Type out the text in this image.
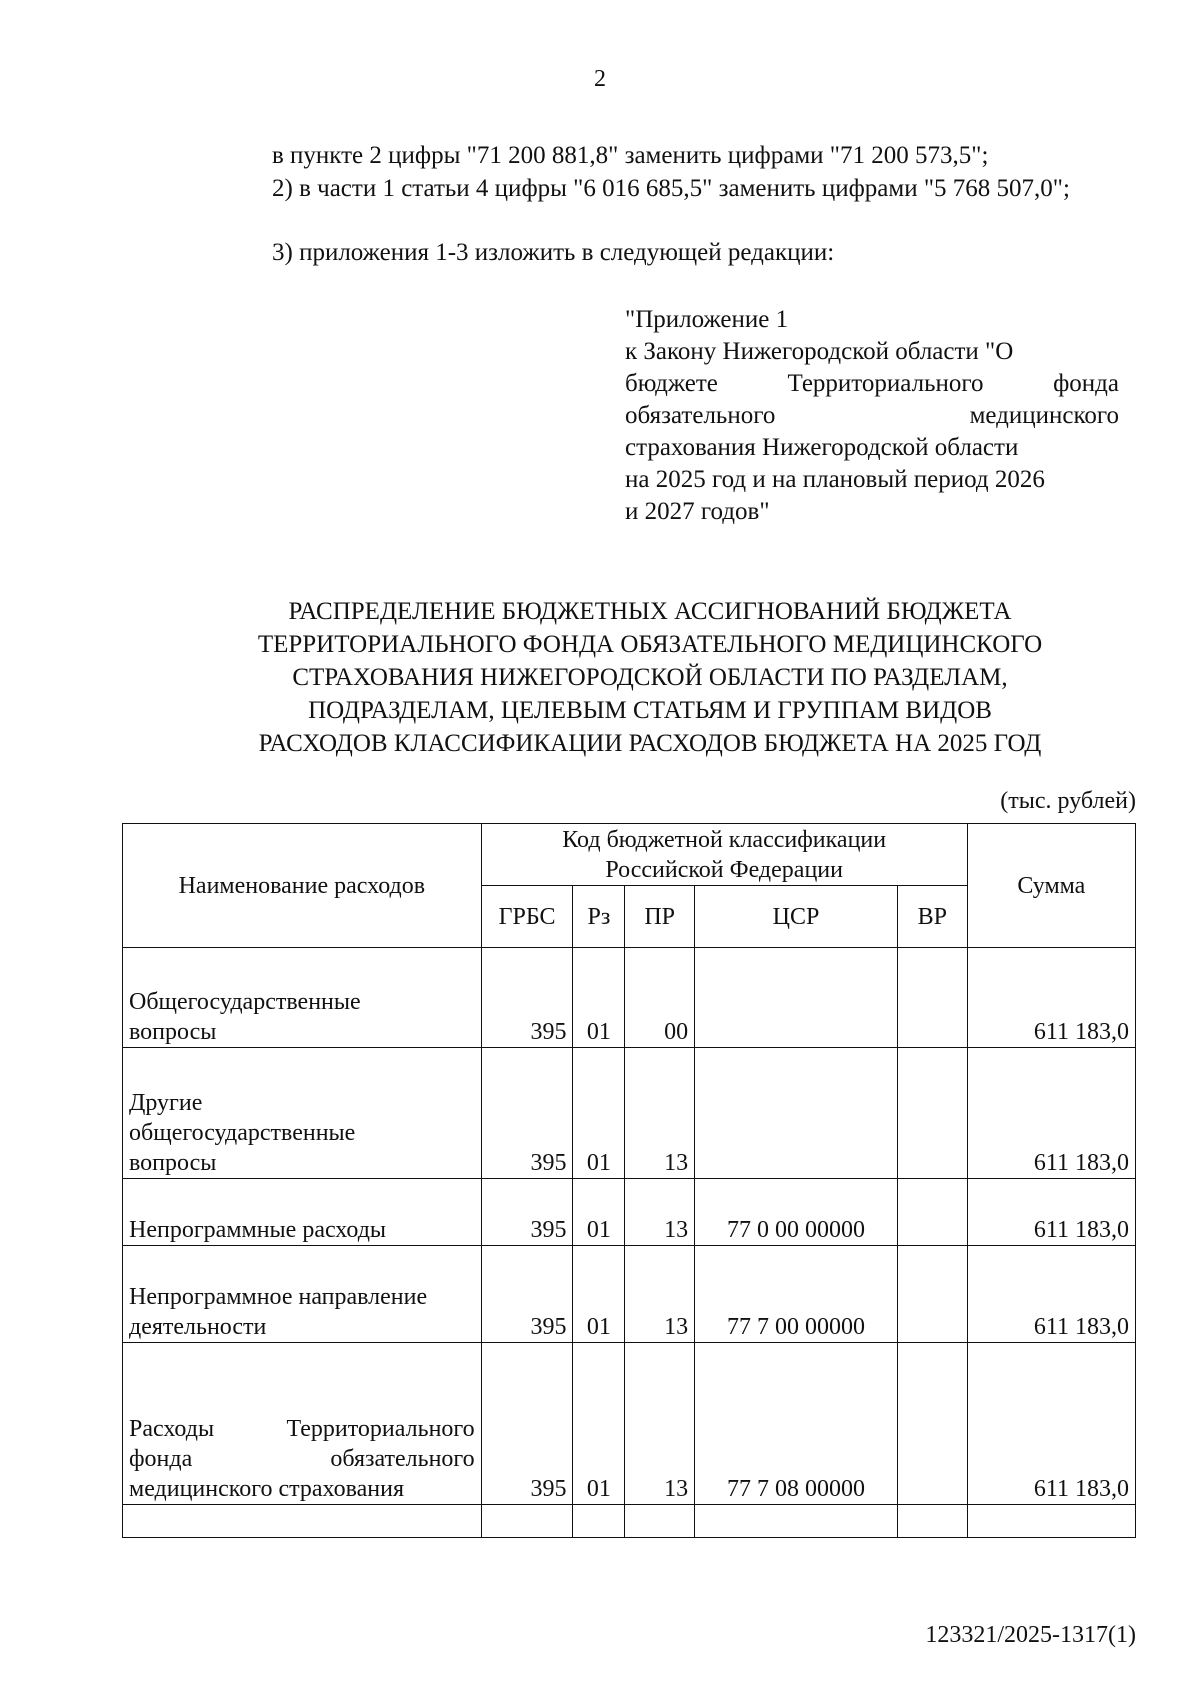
2
в пункте 2 цифры "71 200 881,8" заменить цифрами "71 200 573,5";
2) в части 1 статьи 4 цифры "6 016 685,5" заменить цифрами "5 768 507,0";
3) приложения 1-3 изложить в следующей редакции:
"Приложение 1
к Закону Нижегородской области "О
бюджете Территориального фонда
обязательного медицинского
страхования Нижегородской области
на 2025 год и на плановый период 2026
и 2027 годов"
РАСПРЕДЕЛЕНИЕ БЮДЖЕТНЫХ АССИГНОВАНИЙ БЮДЖЕТА
ТЕРРИТОРИАЛЬНОГО ФОНДА ОБЯЗАТЕЛЬНОГО МЕДИЦИНСКОГО
СТРАХОВАНИЯ НИЖЕГОРОДСКОЙ ОБЛАСТИ ПО РАЗДЕЛАМ,
ПОДРАЗДЕЛАМ, ЦЕЛЕВЫМ СТАТЬЯМ И ГРУППАМ ВИДОВ
РАСХОДОВ КЛАССИФИКАЦИИ РАСХОДОВ БЮДЖЕТА НА 2025 ГОД
(тыс. рублей)
Наименование расходов	Код бюджетной классификации
Российской Федерации					Сумма
	ГРБС	Рз	ПР	ЦСР	ВР	
Общегосударственные вопросы	395	01	00			611 183,0
Другие общегосударственные вопросы	395	01	13			611 183,0
Непрограммные расходы	395	01	13	77 0 00 00000		611 183,0
Непрограммное направление деятельности	395	01	13	77 7 00 00000		611 183,0
Расходы Территориального фонда обязательного медицинского страхования	395	01	13	77 7 08 00000		611 183,0

123321/2025-1317(1)
